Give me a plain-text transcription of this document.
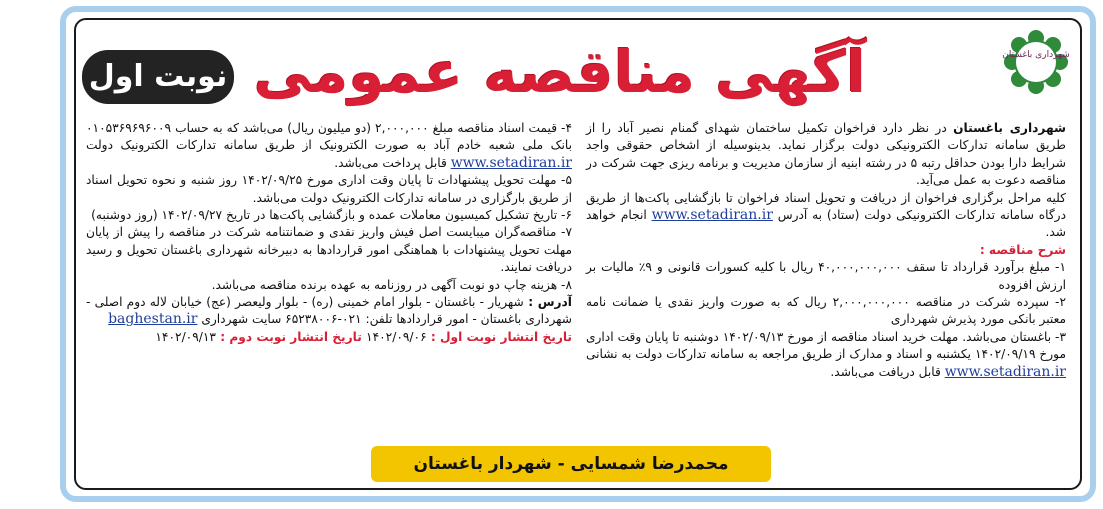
شهرداری باغستان
آگهی مناقصه عمومی
نوبت اول

شهرداری باغستان در نظر دارد فراخوان تکمیل ساختمان شهدای گمنام نصیر آباد را از طریق سامانه تدارکات الکترونیکی دولت برگزار نماید. بدینوسیله از اشخاص حقوقی واجد شرایط دارا بودن حداقل رتبه ۵ در رشته ابنیه از سازمان مدیریت و برنامه ریزی جهت شرکت در مناقصه دعوت به عمل می‌آید.

کلیه مراحل برگزاری فراخوان از دریافت و تحویل اسناد فراخوان تا بازگشایی پاکت‌ها از طریق درگاه سامانه تدارکات الکترونیکی دولت (ستاد) به آدرس www.setadiran.ir انجام خواهد شد.

شرح مناقصه :

۱- مبلغ برآورد قرارداد تا سقف ۴۰,۰۰۰,۰۰۰,۰۰۰ ریال با کلیه کسورات قانونی و ۹٪ مالیات بر ارزش افزوده

۲- سپرده شرکت در مناقصه ۲,۰۰۰,۰۰۰,۰۰۰ ریال که به صورت واریز نقدی یا ضمانت نامه معتبر بانکی مورد پذیرش شهرداری

۳- باغستان می‌باشد. مهلت خرید اسناد مناقصه از مورخ ۱۴۰۲/۰۹/۱۳ دوشنبه تا پایان وقت اداری مورخ ۱۴۰۲/۰۹/۱۹ یکشنبه و اسناد و مدارک از طریق مراجعه به سامانه تدارکات دولت به نشانی www.setadiran.ir قابل دریافت می‌باشد.

۴- قیمت اسناد مناقصه مبلغ ۲,۰۰۰,۰۰۰ (دو میلیون ریال) می‌باشد که به حساب ۰۱۰۵۳۶۹۶۹۶۰۰۹ بانک ملی شعبه خادم آباد به صورت الکترونیک از طریق سامانه تدارکات الکترونیک دولت www.setadiran.ir قابل پرداخت می‌باشد.

۵- مهلت تحویل پیشنهادات تا پایان وقت اداری مورخ ۱۴۰۲/۰۹/۲۵ روز شنبه و نحوه تحویل اسناد از طریق بارگزاری در سامانه تدارکات الکترونیک دولت می‌باشد.

۶- تاریخ تشکیل کمیسیون معاملات عمده و بازگشایی پاکت‌ها در تاریخ ۱۴۰۲/۰۹/۲۷ (روز دوشنبه)

۷- مناقصه‌گران میبایست اصل فیش واریز نقدی و ضمانتنامه شرکت در مناقصه را پیش از پایان مهلت تحویل پیشنهادات با هماهنگی امور قراردادها به دبیرخانه شهرداری باغستان تحویل و رسید دریافت نمایند.

۸- هزینه چاپ دو نوبت آگهی در روزنامه به عهده برنده مناقصه می‌باشد.

آدرس : شهریار - باغستان - بلوار امام خمینی (ره) - بلوار ولیعصر (عج) خیابان لاله دوم اصلی - شهرداری باغستان - امور قراردادها تلفن: ۰۲۱-۶۵۲۳۸۰۰۶ سایت شهرداری baghestan.ir

تاریخ انتشار نوبت اول : ۱۴۰۲/۰۹/۰۶ تاریخ انتشار نوبت دوم : ۱۴۰۲/۰۹/۱۳

محمدرضا شمسایی - شهردار باغستان
